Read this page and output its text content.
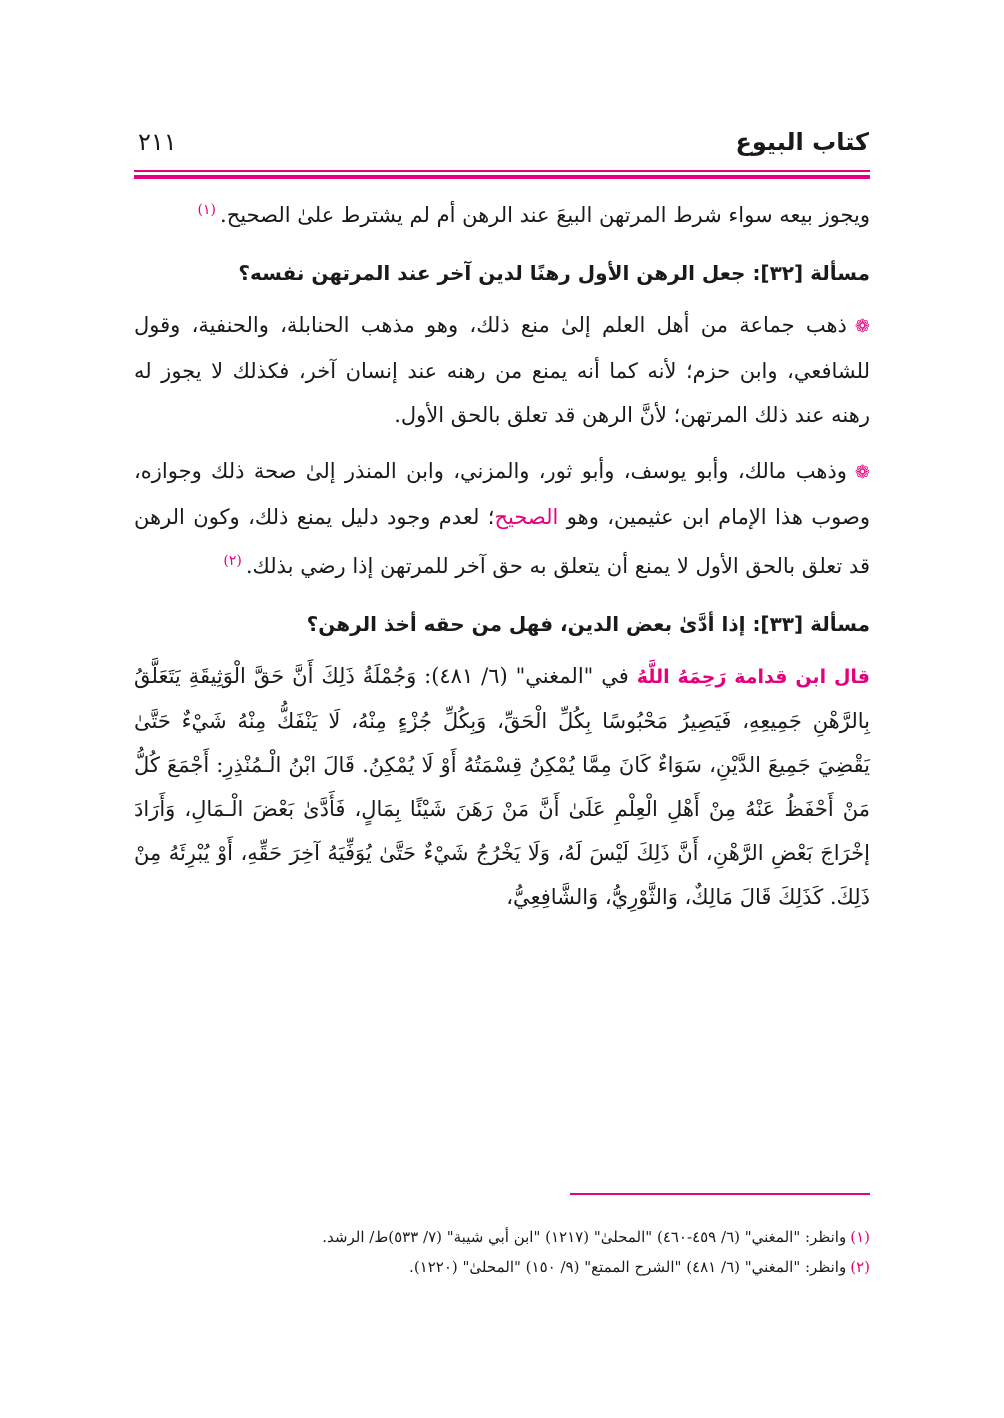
كتاب البيوع
٢١١

ويجوز بيعه سواء شرط المرتهن البيعَ عند الرهن أم لم يشترط علىٰ الصحيح.$^{(١)}$

مسألة [٣٢]: جعل الرهن الأول رهنًا لدين آخر عند المرتهن نفسه؟

❁ذهب جماعة من أهل العلم إلىٰ منع ذلك، وهو مذهب الحنابلة، والحنفية، وقول للشافعي، وابن حزم؛ لأنه كما أنه يمنع من رهنه عند إنسان آخر، فكذلك لا يجوز له رهنه عند ذلك المرتهن؛ لأنَّ الرهن قد تعلق بالحق الأول.

❁وذهب مالك، وأبو يوسف، وأبو ثور، والمزني، وابن المنذر إلىٰ صحة ذلك وجوازه، وصوب هذا الإمام ابن عثيمين، وهو الصحيح؛ لعدم وجود دليل يمنع ذلك، وكون الرهن قد تعلق بالحق الأول لا يمنع أن يتعلق به حق آخر للمرتهن إذا رضي بذلك.$^{(٢)}$

مسألة [٣٣]: إذا أدَّىٰ بعض الدين، فهل من حقه أخذ الرهن؟

قال ابن قدامة رَحِمَهُ اللَّهُ في "المغني" (٦/ ٤٨١): وَجُمْلَةُ ذَلِكَ أَنَّ حَقَّ الْوَثِيقَةِ يَتَعَلَّقُ بِالرَّهْنِ جَمِيعِهِ، فَيَصِيرُ مَحْبُوسًا بِكُلِّ الْحَقِّ، وَبِكُلِّ جُزْءٍ مِنْهُ، لَا يَنْفَكُّ مِنْهُ شَيْءٌ حَتَّىٰ يَقْضِيَ جَمِيعَ الدَّيْنِ، سَوَاءٌ كَانَ مِمَّا يُمْكِنُ قِسْمَتُهُ أَوْ لَا يُمْكِنُ. قَالَ ابْنُ الْـمُنْذِرِ: أَجْمَعَ كُلُّ مَنْ أَحْفَظُ عَنْهُ مِنْ أَهْلِ الْعِلْمِ عَلَىٰ أَنَّ مَنْ رَهَنَ شَيْئًا بِمَالٍ، فَأَدَّىٰ بَعْضَ الْـمَالِ، وَأَرَادَ إخْرَاجَ بَعْضِ الرَّهْنِ، أَنَّ ذَلِكَ لَيْسَ لَهُ، وَلَا يَخْرُجُ شَيْءٌ حَتَّىٰ يُوَفِّيَهُ آخِرَ حَقِّهِ، أَوْ يُبْرِئَهُ مِنْ ذَلِكَ. كَذَلِكَ قَالَ مَالِكٌ، وَالثَّوْرِيُّ، وَالشَّافِعِيُّ،

(١)وانظر: "المغني" (٦/ ٤٥٩-٤٦٠) "المحلىٰ" (١٢١٧) "ابن أبي شيبة" (٧/ ٥٣٣)ط/ الرشد.

(٢)وانظر: "المغني" (٦/ ٤٨١) "الشرح الممتع" (٩/ ١٥٠) "المحلىٰ" (١٢٢٠).
